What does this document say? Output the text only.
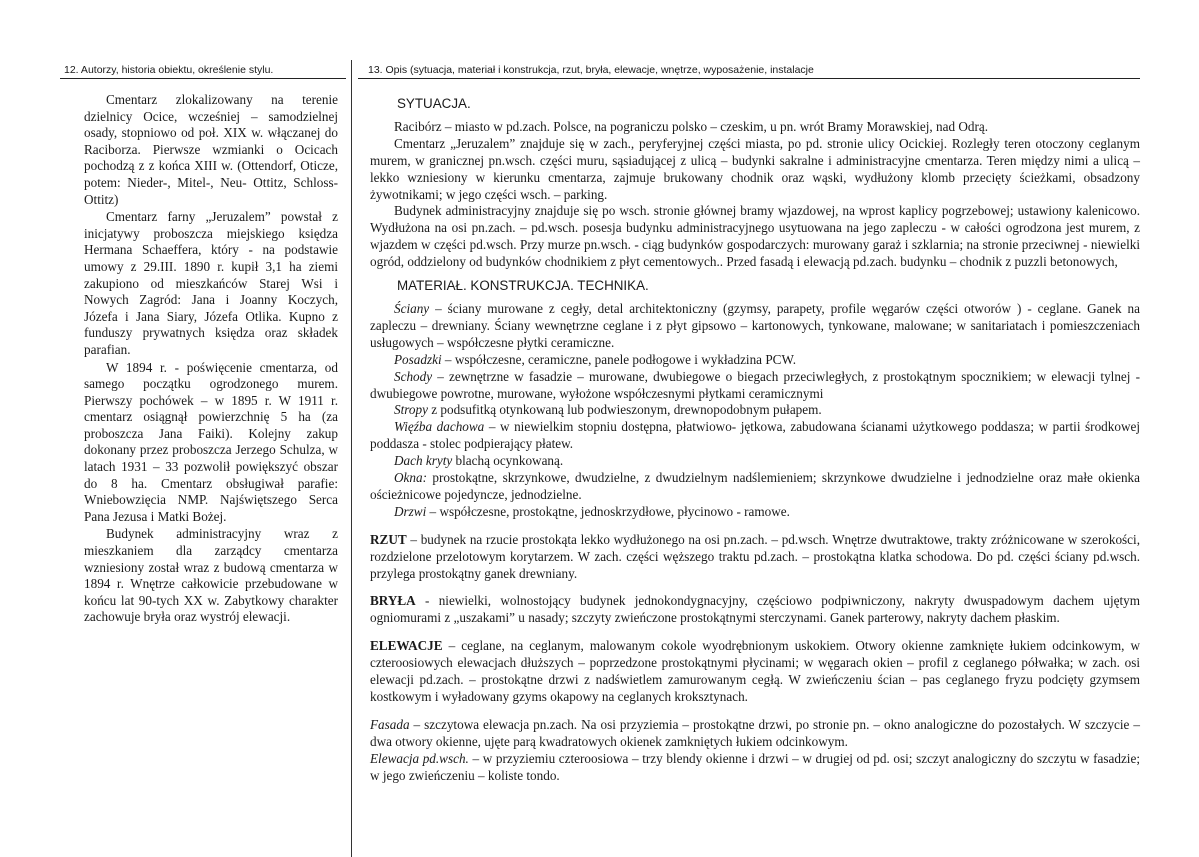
12. Autorzy, historia obiektu, określenie stylu.	13. Opis (sytuacja, materiał i konstrukcja, rzut, bryła, elewacje, wnętrze, wyposażenie, instalacje

Cmentarz zlokalizowany na terenie dzielnicy Ocice, wcześniej – samodzielnej osady, stopniowo od poł. XIX w. włączanej do Raciborza. Pierwsze wzmianki o Ocicach pochodzą z z końca XIII w. (Ottendorf, Oticze, potem: Nieder-, Mitel-, Neu- Ottitz, Schloss-Ottitz)

Cmentarz farny „Jeruzalem” powstał z inicjatywy proboszcza miejskiego księdza Hermana Schaeffera, który - na podstawie umowy z 29.III. 1890 r. kupił 3,1 ha ziemi zakupiono od mieszkańców Starej Wsi i Nowych Zagród: Jana i Joanny Koczych, Józefa i Jana Siary, Józefa Otlika. Kupno z funduszy prywatnych księdza oraz składek parafian.

W 1894 r. - poświęcenie cmentarza, od samego początku ogrodzonego murem. Pierwszy pochówek – w 1895 r. W 1911 r. cmentarz osiągnął powierzchnię 5 ha (za proboszcza Jana Faiki). Kolejny zakup dokonany przez proboszcza Jerzego Schulza, w latach 1931 – 33 pozwolił powiększyć obszar do 8 ha. Cmentarz obsługiwał parafie: Wniebowzięcia NMP. Najświętszego Serca Pana Jezusa i Matki Bożej.

Budynek administracyjny wraz z mieszkaniem dla zarządcy cmentarza wzniesiony został wraz z budową cmentarza w 1894 r. Wnętrze całkowicie przebudowane w końcu lat 90-tych XX w. Zabytkowy charakter zachowuje bryła oraz wystrój elewacji.

SYTUACJA.

Racibórz – miasto w pd.zach. Polsce, na pograniczu polsko – czeskim, u pn. wrót Bramy Morawskiej, nad Odrą.

Cmentarz „Jeruzalem” znajduje się w zach., peryferyjnej części miasta, po pd. stronie ulicy Ocickiej. Rozległy teren otoczony ceglanym murem, w granicznej pn.wsch. części muru, sąsiadującej z ulicą – budynki sakralne i administracyjne cmentarza. Teren między nimi a ulicą – lekko wzniesiony w kierunku cmentarza, zajmuje brukowany chodnik oraz wąski, wydłużony klomb przecięty ścieżkami, obsadzony żywotnikami; w jego części wsch. – parking.

Budynek administracyjny znajduje się po wsch. stronie głównej bramy wjazdowej, na wprost kaplicy pogrzebowej; ustawiony kalenicowo. Wydłużona na osi pn.zach. – pd.wsch. posesja budynku administracyjnego usytuowana na jego zapleczu - w całości ogrodzona jest murem, z wjazdem w części pd.wsch. Przy murze pn.wsch. - ciąg budynków gospodarczych: murowany garaż i szklarnia; na stronie przeciwnej - niewielki ogród, oddzielony od budynków chodnikiem z płyt cementowych.. Przed fasadą i elewacją pd.zach. budynku – chodnik z puzzli betonowych,

MATERIAŁ. KONSTRUKCJA. TECHNIKA.

Ściany – ściany murowane z cegły, detal architektoniczny (gzymsy, parapety, profile węgarów części otworów ) - ceglane. Ganek na zapleczu – drewniany. Ściany wewnętrzne ceglane i z płyt gipsowo – kartonowych, tynkowane, malowane; w sanitariatach i pomieszczeniach usługowych – współczesne płytki ceramiczne.

Posadzki – współczesne, ceramiczne, panele podłogowe i wykładzina PCW.

Schody – zewnętrzne w fasadzie – murowane, dwubiegowe o biegach przeciwległych, z prostokątnym spocznikiem; w elewacji tylnej - dwubiegowe powrotne, murowane, wyłożone współczesnymi płytkami ceramicznymi

Stropy z podsufitką otynkowaną lub podwieszonym, drewnopodobnym pułapem.

Więźba dachowa – w niewielkim stopniu dostępna, płatwiowo- jętkowa, zabudowana ścianami użytkowego poddasza; w partii środkowej poddasza - stolec podpierający płatew.

Dach kryty blachą ocynkowaną.

Okna: prostokątne, skrzynkowe, dwudzielne, z dwudzielnym nadślemieniem; skrzynkowe dwudzielne i jednodzielne oraz małe okienka ościeżnicowe pojedyncze, jednodzielne.

Drzwi – współczesne, prostokątne, jednoskrzydłowe, płycinowo - ramowe.

RZUT – budynek na rzucie prostokąta lekko wydłużonego na osi pn.zach. – pd.wsch. Wnętrze dwutraktowe, trakty zróżnicowane w szerokości, rozdzielone przelotowym korytarzem. W zach. części węższego traktu pd.zach. – prostokątna klatka schodowa. Do pd. części ściany pd.wsch. przylega prostokątny ganek drewniany.

BRYŁA - niewielki, wolnostojący budynek jednokondygnacyjny, częściowo podpiwniczony, nakryty dwuspadowym dachem ujętym ogniomurami z „uszakami” u nasady; szczyty zwieńczone prostokątnymi sterczynami. Ganek parterowy, nakryty dachem płaskim.

ELEWACJE – ceglane, na ceglanym, malowanym cokole wyodrębnionym uskokiem. Otwory okienne zamknięte łukiem odcinkowym, w czteroosiowych elewacjach dłuższych – poprzedzone prostokątnymi płycinami; w węgarach okien – profil z ceglanego półwałka; w zach. osi elewacji pd.zach. – prostokątne drzwi z nadświetlem zamurowanym cegłą. W zwieńczeniu ścian – pas ceglanego fryzu podcięty gzymsem kostkowym i wyładowany gzyms okapowy na ceglanych kroksztynach.

Fasada – szczytowa elewacja pn.zach. Na osi przyziemia – prostokątne drzwi, po stronie pn. – okno analogiczne do pozostałych. W szczycie – dwa otwory okienne, ujęte parą kwadratowych okienek zamkniętych łukiem odcinkowym.

Elewacja pd.wsch. – w przyziemiu czteroosiowa – trzy blendy okienne i drzwi – w drugiej od pd. osi; szczyt analogiczny do szczytu w fasadzie; w jego zwieńczeniu – koliste tondo.
